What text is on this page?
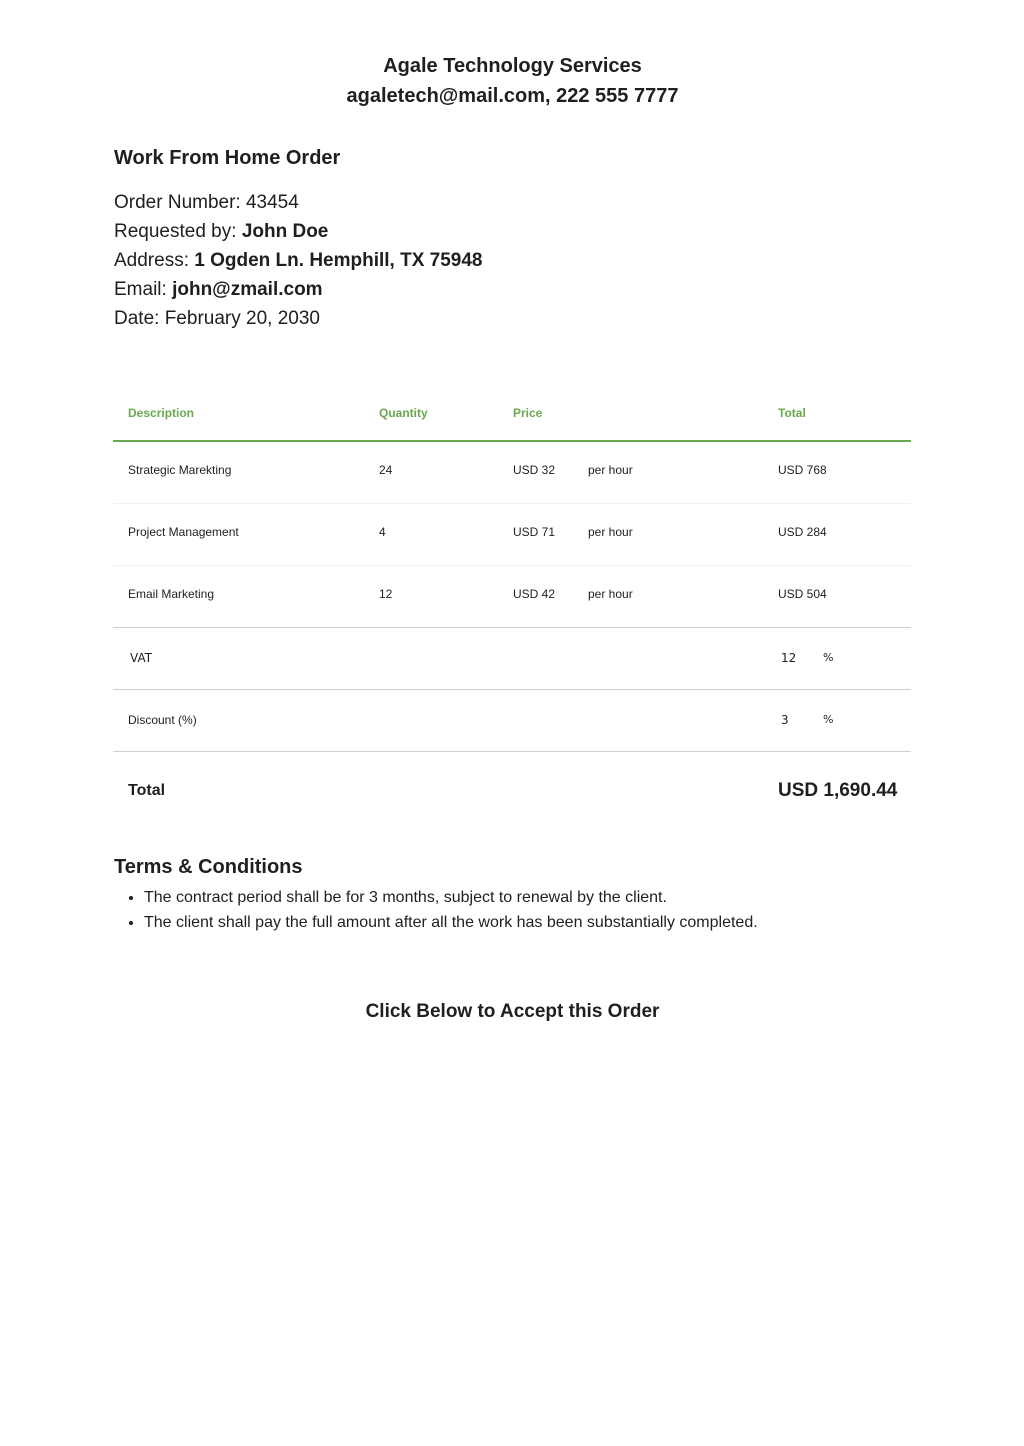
Agale Technology Services
agaletech@mail.com, 222 555 7777
Work From Home Order
Order Number: 43454
Requested by: John Doe
Address: 1 Ogden Ln. Hemphill, TX 75948
Email: john@zmail.com
Date: February 20, 2030
Description	Quantity	Price	Total
Strategic Marekting	24	USD 32	per hour	USD 768
Project Management	4	USD 71	per hour	USD 284
Email Marketing	12	USD 42	per hour	USD 504
VAT	12 %
Discount (%)	3	%
Total	USD 1,690.44
Terms & Conditions
• The contract period shall be for 3 months, subject to renewal by the client.
• The client shall pay the full amount after all the work has been substantially completed.
Click Below to Accept this Order
